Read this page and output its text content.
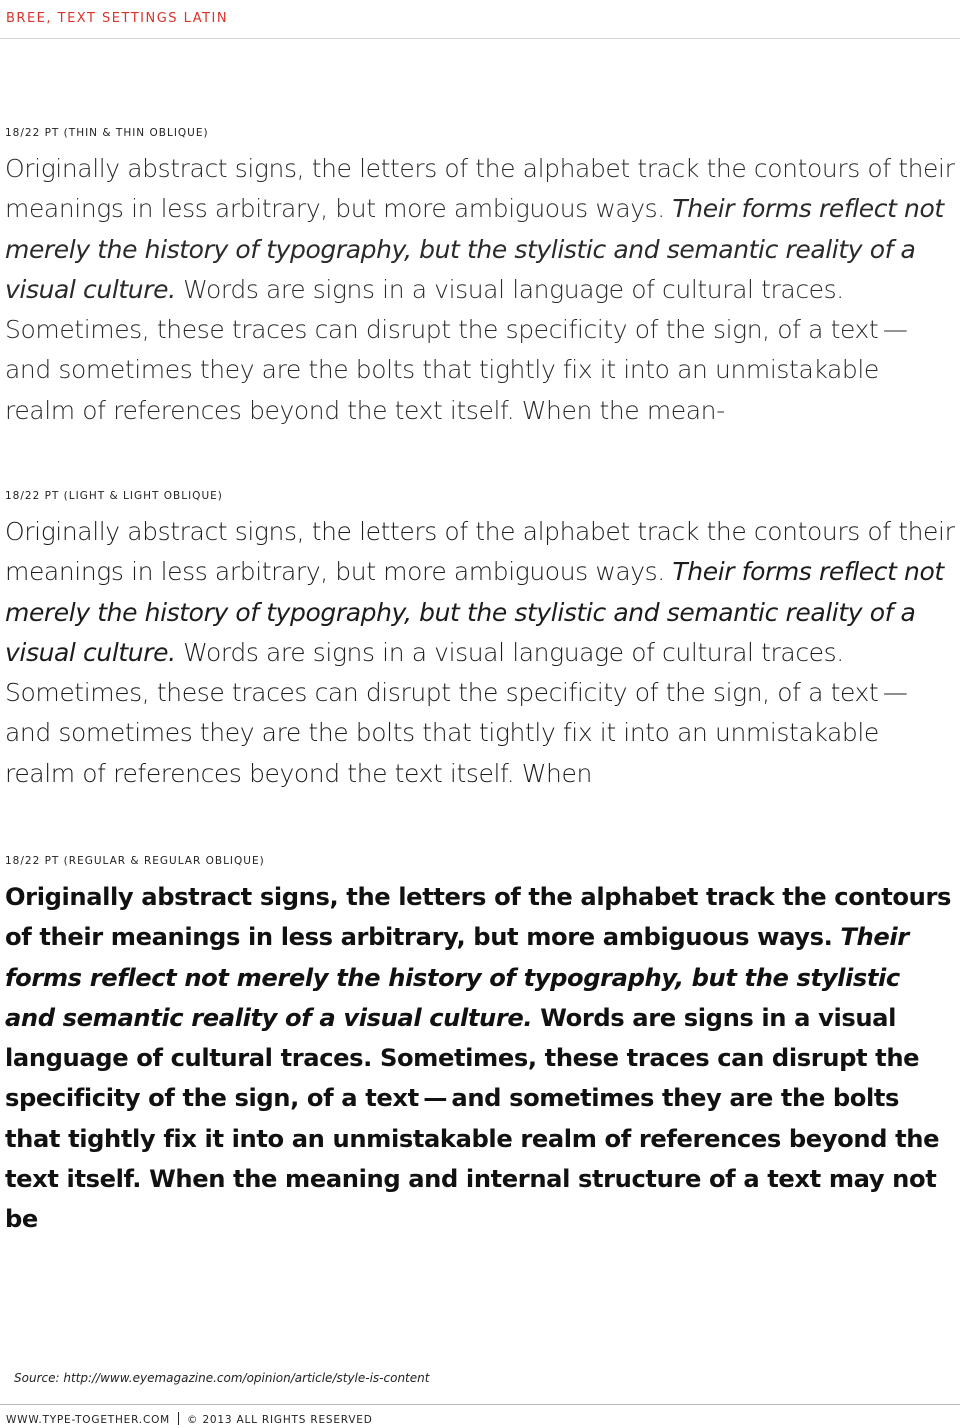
BREE, TEXT SETTINGS LATIN
18/22 PT (THIN & THIN OBLIQUE)

Originally abstract signs, the letters of the alphabet track the contours of their meanings in less arbitrary, but more ambiguous ways. Their forms reflect not merely the history of typography, but the stylistic and semantic reality of a visual culture. Words are signs in a visual language of cultural traces. Sometimes, these traces can disrupt the specificity of the sign, of a text — and sometimes they are the bolts that tightly fix it into an unmistakable realm of references beyond the text itself. When the mean-

18/22 PT (LIGHT & LIGHT OBLIQUE)

Originally abstract signs, the letters of the alphabet track the contours of their meanings in less arbitrary, but more ambiguous ways. Their forms reflect not merely the history of typography, but the stylistic and semantic reality of a visual culture. Words are signs in a visual language of cultural traces. Sometimes, these traces can disrupt the specificity of the sign, of a text — and sometimes they are the bolts that tightly fix it into an unmistakable realm of references beyond the text itself. When

18/22 PT (REGULAR & REGULAR OBLIQUE)

Originally abstract signs, the letters of the alphabet track the contours of their meanings in less arbitrary, but more ambiguous ways. Their forms reflect not merely the history of typography, but the stylistic and semantic reality of a visual culture. Words are signs in a visual language of cultural traces. Sometimes, these traces can disrupt the specificity of the sign, of a text — and sometimes they are the bolts that tightly fix it into an unmistakable realm of references beyond the text itself. When the meaning and internal structure of a text may not be

Source: http://www.eyemagazine.com/opinion/article/style-is-content
WWW.TYPE-TOGETHER.COM © 2013 ALL RIGHTS RESERVED
